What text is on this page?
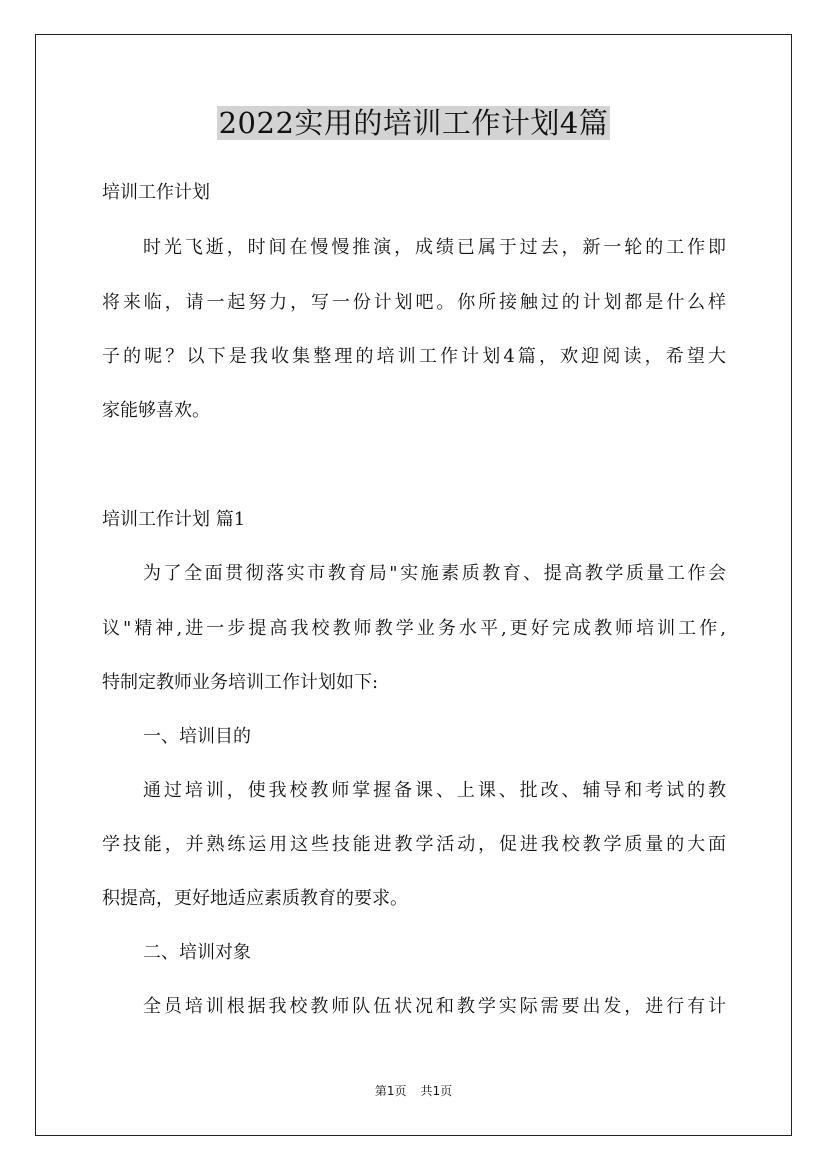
2022实用的培训工作计划4篇
培训工作计划
时光飞逝，时间在慢慢推演，成绩已属于过去，新一轮的工作即
将来临，请一起努力，写一份计划吧。你所接触过的计划都是什么样
子的呢？以下是我收集整理的培训工作计划4篇，欢迎阅读，希望大
家能够喜欢。
培训工作计划 篇1
为了全面贯彻落实市教育局"实施素质教育、提高教学质量工作会
议"精神,进一步提高我校教师教学业务水平,更好完成教师培训工作,
特制定教师业务培训工作计划如下:
一、培训目的
通过培训，使我校教师掌握备课、上课、批改、辅导和考试的教
学技能，并熟练运用这些技能进教学活动，促进我校教学质量的大面
积提高，更好地适应素质教育的要求。
二、培训对象
全员培训根据我校教师队伍状况和教学实际需要出发，进行有计
第1页 共1页
